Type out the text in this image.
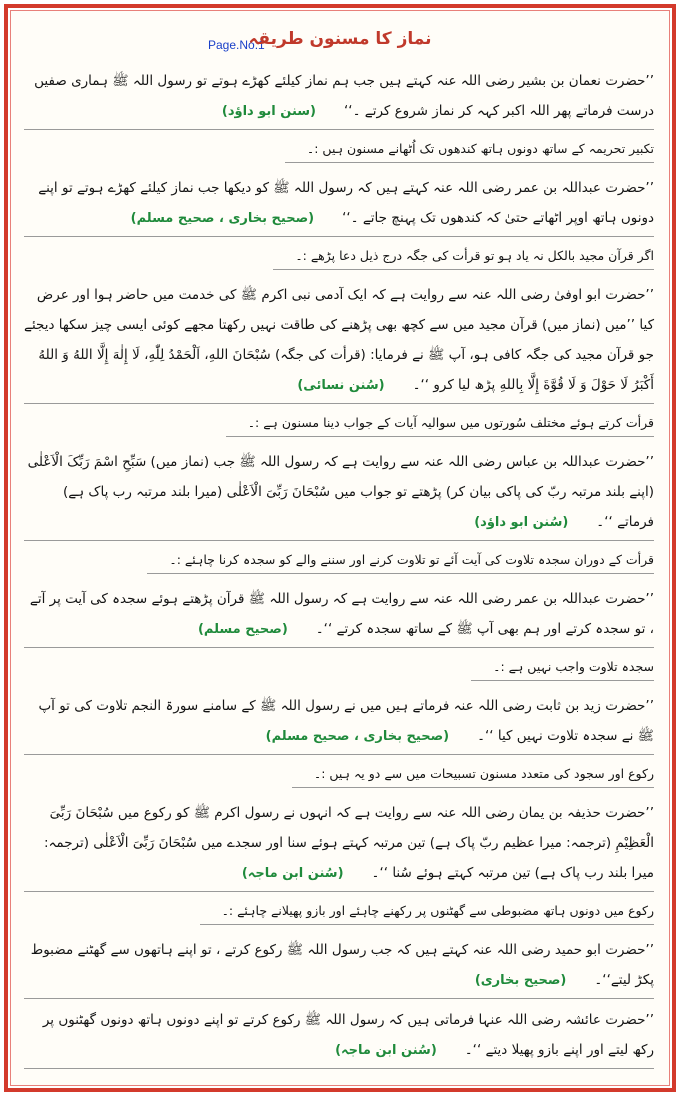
Page.No.1
نماز کا مسنون طریقہ
’’حضرت نعمان بن بشیر رضی اللہ عنہ کہتے ہیں جب ہم نماز کیلئے کھڑے ہوتے تو رسول اللہ ﷺ ہماری صفیں درست فرماتے پھر اللہ اکبر کہہ کر نماز شروع کرتے ۔‘‘(سنن ابو داؤد)
تکبیر تحریمہ کے ساتھ دونوں ہاتھ کندھوں تک اُٹھانے مسنون ہیں :۔
’’حضرت عبداللہ بن عمر رضی اللہ عنہ کہتے ہیں کہ رسول اللہ ﷺ کو دیکھا جب نماز کیلئے کھڑے ہوتے تو اپنے دونوں ہاتھ اوپر اٹھاتے حتیٰ کہ کندھوں تک پہنچ جاتے ۔‘‘(صحیح بخاری ، صحیح مسلم)
اگر قرآن مجید بالکل نہ یاد ہو تو قرأت کی جگہ درج ذیل دعا پڑھے :۔
’’حضرت ابو اوفیٰ رضی اللہ عنہ سے روایت ہے کہ ایک آدمی نبی اکرم ﷺ کی خدمت میں حاضر ہوا اور عرض کیا ’’میں (نماز میں) قرآن مجید میں سے کچھ بھی پڑھنے کی طاقت نہیں رکھتا مجھے کوئی ایسی چیز سکھا دیجئے جو قرآن مجید کی جگہ کافی ہو، آپ ﷺ نے فرمایا: (قرأت کی جگہ) سُبْحَانَ اللهِ، اَلْحَمْدُ لِلّٰهِ، لَا إِلٰهَ إِلَّا اللهُ وَ اللهُ أَكْبَرُ لَا حَوْلَ وَ لَا قُوَّةَ إِلَّا بِاللهِ پڑھ لیا کرو ‘‘۔(سُنن نسائی)
قرأت کرتے ہوئے مختلف سُورتوں میں سوالیہ آیات کے جواب دینا مسنون ہے :۔
’’حضرت عبداللہ بن عباس رضی اللہ عنہ سے روایت ہے کہ رسول اللہ ﷺ جب (نماز میں) سَبِّحِ اسْمَ رَبِّکَ الْاَعْلٰی (اپنے بلند مرتبہ ربّ کی پاکی بیان کر) پڑھتے تو جواب میں سُبْحَانَ رَبِّیَ الْاَعْلٰی (میرا بلند مرتبہ رب پاک ہے) فرماتے ‘‘۔(سُنن ابو داؤد)
قرأت کے دوران سجدہ تلاوت کی آیت آئے تو تلاوت کرنے اور سننے والے کو سجدہ کرنا چاہئے :۔
’’حضرت عبداللہ بن عمر رضی اللہ عنہ سے روایت ہے کہ رسول اللہ ﷺ قرآن پڑھتے ہوئے سجدہ کی آیت پر آتے ، تو سجدہ کرتے اور ہم بھی آپ ﷺ کے ساتھ سجدہ کرتے ‘‘۔(صحیح مسلم)
سجدہ تلاوت واجب نہیں ہے :۔
’’حضرت زید بن ثابت رضی اللہ عنہ فرماتے ہیں میں نے رسول اللہ ﷺ کے سامنے سورۃ النجم تلاوت کی تو آپ ﷺ نے سجدہ تلاوت نہیں کیا ‘‘۔(صحیح بخاری ، صحیح مسلم)
رکوع اور سجود کی متعدد مسنون تسبیحات میں سے دو یہ ہیں :۔
’’حضرت حذیفہ بن یمان رضی اللہ عنہ سے روایت ہے کہ انہوں نے رسول اکرم ﷺ کو رکوع میں سُبْحَانَ رَبِّیَ الْعَظِیْمِ (ترجمہ: میرا عظیم ربّ پاک ہے) تین مرتبہ کہتے ہوئے سنا اور سجدے میں سُبْحَانَ رَبِّیَ الْاَعْلٰی (ترجمہ: میرا بلند رب پاک ہے) تین مرتبہ کہتے ہوئے سُنا ‘‘۔(سُنن ابن ماجہ)
رکوع میں دونوں ہاتھ مضبوطی سے گھٹنوں پر رکھنے چاہئے اور بازو پھیلانے چاہئے :۔
’’حضرت ابو حمید رضی اللہ عنہ کہتے ہیں کہ جب رسول اللہ ﷺ رکوع کرتے ، تو اپنے ہاتھوں سے گھٹنے مضبوط پکڑ لیتے‘‘۔(صحیح بخاری)
’’حضرت عائشہ رضی اللہ عنہا فرماتی ہیں کہ رسول اللہ ﷺ رکوع کرتے تو اپنے دونوں ہاتھ دونوں گھٹنوں پر رکھ لیتے اور اپنے بازو پھیلا دیتے ‘‘۔(سُنن ابن ماجہ)
